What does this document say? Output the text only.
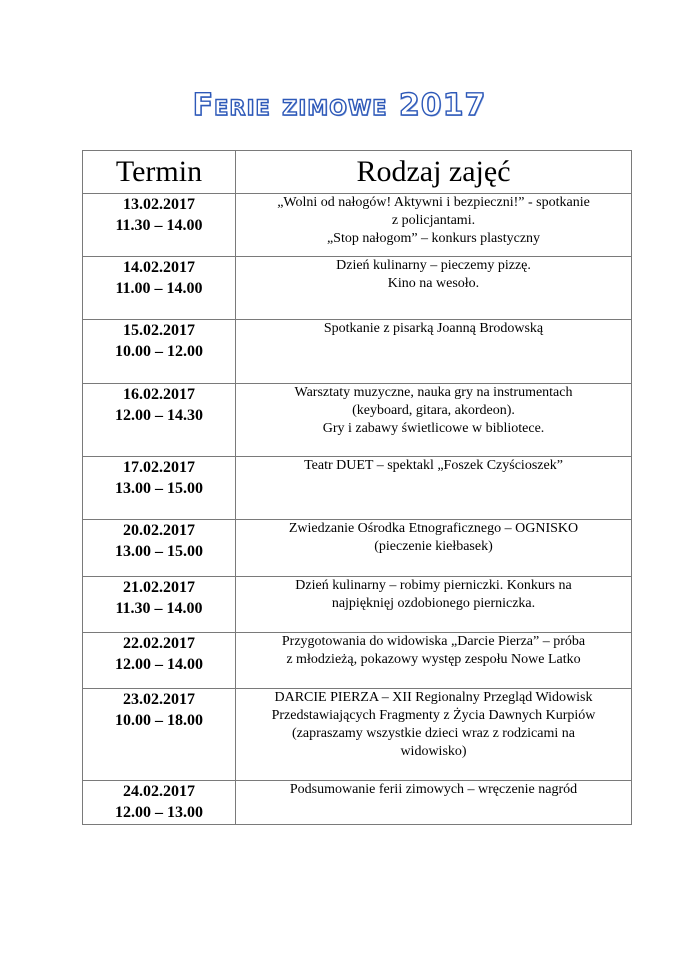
Ferie zimowe 2017
Termin	Rodzaj zajęć

13.02.2017
11.30 – 14.00	„Wolni od nałogów! Aktywni i bezpieczni!” - spotkanie
z policjantami.
„Stop nałogom” – konkurs plastyczny

14.02.2017
11.00 – 14.00	Dzień kulinarny – pieczemy pizzę.
Kino na wesoło.

15.02.2017
10.00 – 12.00	Spotkanie z pisarką Joanną Brodowską

16.02.2017
12.00 – 14.30	Warsztaty muzyczne, nauka gry na instrumentach
(keyboard, gitara, akordeon).
Gry i zabawy świetlicowe w bibliotece.

17.02.2017
13.00 – 15.00	Teatr DUET – spektakl „Foszek Czyścioszek”

20.02.2017
13.00 – 15.00	Zwiedzanie Ośrodka Etnograficznego – OGNISKO
(pieczenie kiełbasek)

21.02.2017
11.30 – 14.00	Dzień kulinarny – robimy pierniczki. Konkurs na
najpięknięj ozdobionego pierniczka.

22.02.2017
12.00 – 14.00	Przygotowania do widowiska „Darcie Pierza” – próba
z młodzieżą, pokazowy występ zespołu Nowe Latko

23.02.2017
10.00 – 18.00	DARCIE PIERZA – XII Regionalny Przegląd Widowisk
Przedstawiających Fragmenty z Życia Dawnych Kurpiów
(zapraszamy wszystkie dzieci wraz z rodzicami na
widowisko)

24.02.2017
12.00 – 13.00	Podsumowanie ferii zimowych – wręczenie nagród
